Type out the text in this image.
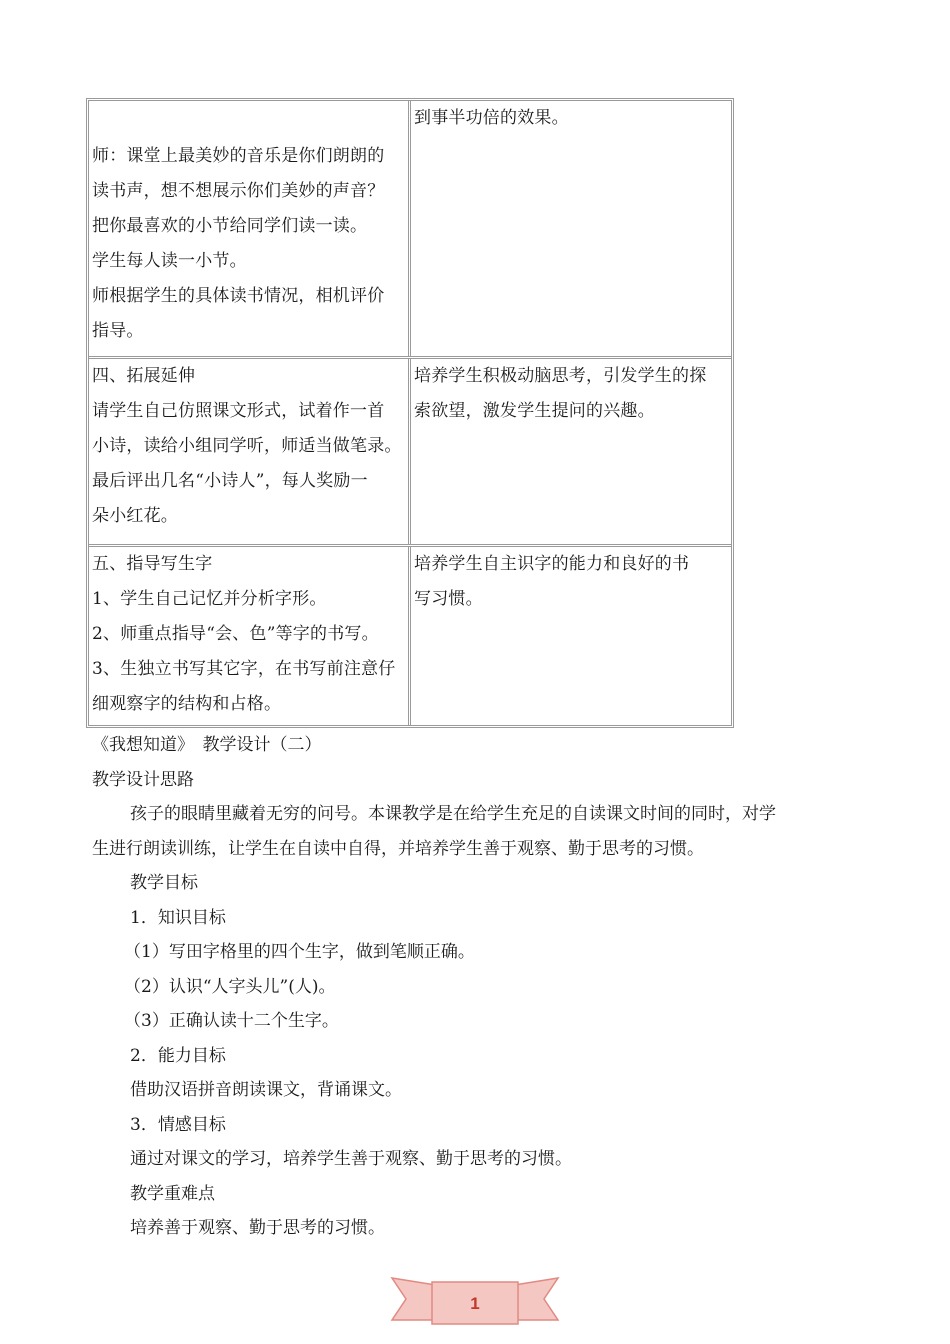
师：课堂上最美妙的音乐是你们朗朗的
读书声，想不想展示你们美妙的声音？
把你最喜欢的小节给同学们读一读。
学生每人读一小节。
师根据学生的具体读书情况，相机评价
指导。
到事半功倍的效果。
四、拓展延伸
请学生自己仿照课文形式，试着作一首
小诗，读给小组同学听，师适当做笔录。
最后评出几名“小诗人”，每人奖励一
朵小红花。
培养学生积极动脑思考，引发学生的探
索欲望，激发学生提问的兴趣。
五、指导写生字
1、学生自己记忆并分析字形。
2、师重点指导“会、色”等字的书写。
3、生独立书写其它字，在书写前注意仔
细观察字的结构和占格。
培养学生自主识字的能力和良好的书
写习惯。
《我想知道》　教学设计（二）
教学设计思路
孩子的眼睛里藏着无穷的问号。本课教学是在给学生充足的自读课文时间的同时，对学
生进行朗读训练，让学生在自读中自得，并培养学生善于观察、勤于思考的习惯。
教学目标
1．知识目标
（1）写田字格里的四个生字，做到笔顺正确。
（2）认识“人字头儿”(人)。
（3）正确认读十二个生字。
2．能力目标
借助汉语拼音朗读课文，背诵课文。
3．情感目标
通过对课文的学习，培养学生善于观察、勤于思考的习惯。
教学重难点
培养善于观察、勤于思考的习惯。
1
